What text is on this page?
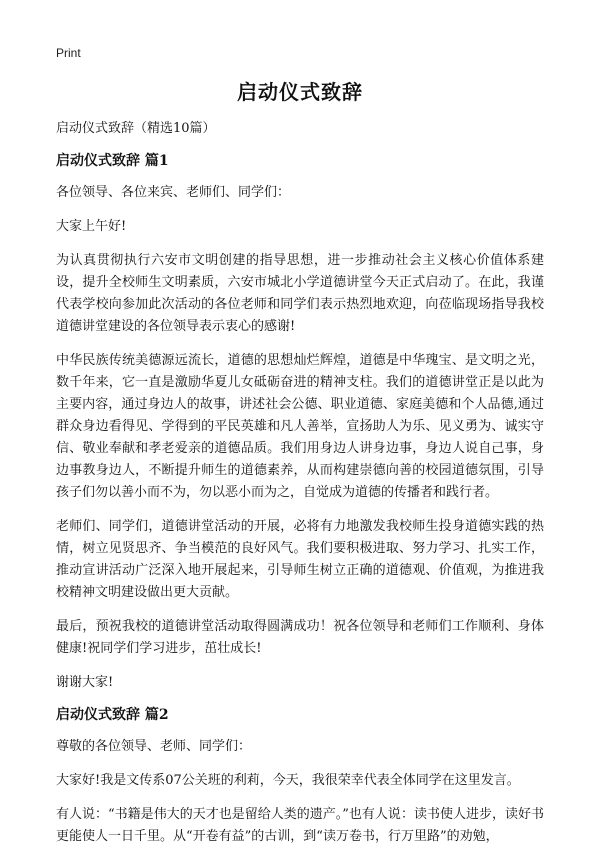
Print
启动仪式致辞

启动仪式致辞（精选10篇）

启动仪式致辞 篇1

各位领导、各位来宾、老师们、同学们：

大家上午好!

为认真贯彻执行六安市文明创建的指导思想，进一步推动社会主义核心价值体系建设，提升全校师生文明素质，六安市城北小学道德讲堂今天正式启动了。在此，我谨代表学校向参加此次活动的各位老师和同学们表示热烈地欢迎，向莅临现场指导我校道德讲堂建设的各位领导表示衷心的感谢!

中华民族传统美德源远流长，道德的思想灿烂辉煌，道德是中华瑰宝、是文明之光，数千年来，它一直是激励华夏儿女砥砺奋进的精神支柱。我们的道德讲堂正是以此为主要内容，通过身边人的故事，讲述社会公德、职业道德、家庭美德和个人品德,通过群众身边看得见、学得到的平民英雄和凡人善举，宣扬助人为乐、见义勇为、诚实守信、敬业奉献和孝老爱亲的道德品质。我们用身边人讲身边事，身边人说自己事，身边事教身边人，不断提升师生的道德素养，从而构建崇德向善的校园道德氛围，引导孩子们勿以善小而不为，勿以恶小而为之，自觉成为道德的传播者和践行者。

老师们、同学们，道德讲堂活动的开展，必将有力地激发我校师生投身道德实践的热情，树立见贤思齐、争当模范的良好风气。我们要积极进取、努力学习、扎实工作，推动宣讲活动广泛深入地开展起来，引导师生树立正确的道德观、价值观，为推进我校精神文明建设做出更大贡献。

最后，预祝我校的道德讲堂活动取得圆满成功！祝各位领导和老师们工作顺利、身体健康!祝同学们学习进步，茁壮成长!

谢谢大家!

启动仪式致辞 篇2

尊敬的各位领导、老师、同学们：

大家好!我是文传系07公关班的利莉，今天，我很荣幸代表全体同学在这里发言。

有人说：“书籍是伟大的天才也是留给人类的遗产。”也有人说：读书使人进步，读好书更能使人一日千里。从“开卷有益”的古训，到“读万卷书，行万里路”的劝勉，
